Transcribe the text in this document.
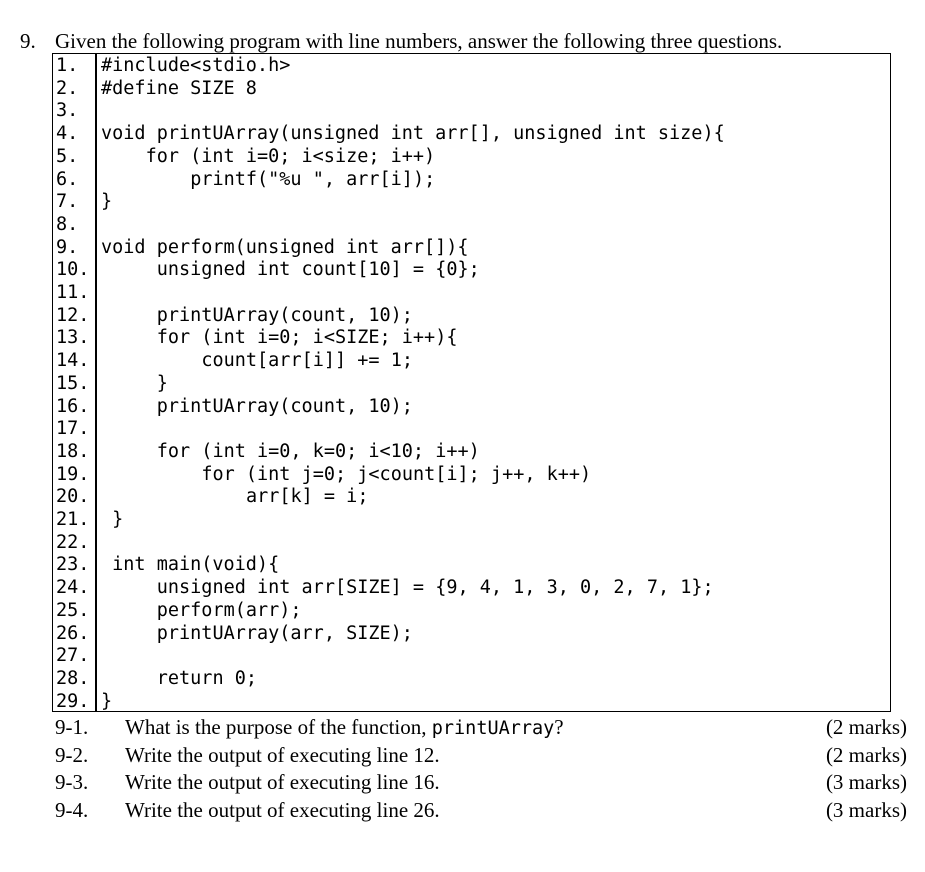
9. Given the following program with line numbers, answer the following three questions.
1. #include<stdio.h>
2. #define SIZE 8
3.
4. void printUArray(unsigned int arr[], unsigned int size){
5.	for (int i=0; i<size; i++)
6.	printf("%u ", arr[i]);
7. }
8.
9. void perform(unsigned int arr[]){
10.	unsigned int count[10] = {0};
11.
12.	printUArray(count, 10);
13.	for (int i=0; i<SIZE; i++){
14.	count[arr[i]] += 1;
15.	}
16.	printUArray(count, 10);
17.
18.	for (int i=0, k=0; i<10; i++)
19.	for (int j=0; j<count[i]; j++, k++)
20.	arr[k] = i;
21. }
22.
23. int main(void){
24.	unsigned int arr[SIZE] = {9, 4, 1, 3, 0, 2, 7, 1};
25.	perform(arr);
26.	printUArray(arr, SIZE);
27.
28.	return 0;
29. }
9-1. What is the purpose of the function, printUArray?	(2 marks)
9-2. Write the output of executing line 12.	(2 marks)
9-3. Write the output of executing line 16.	(3 marks)
9-4. Write the output of executing line 26.	(3 marks)
